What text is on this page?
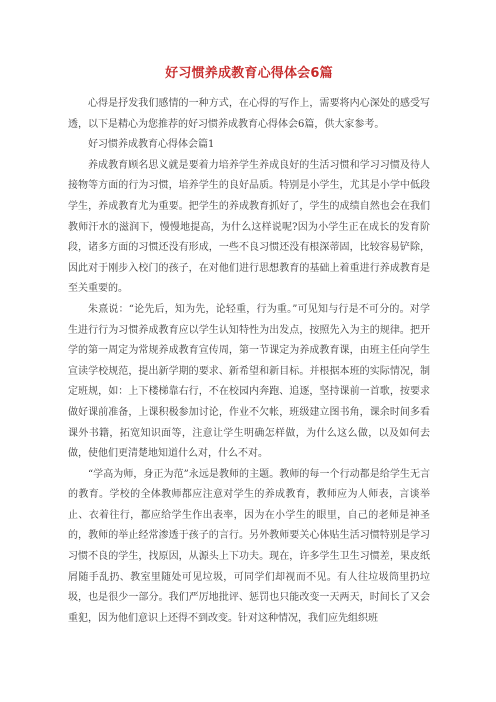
好习惯养成教育心得体会6篇

心得是抒发我们感情的一种方式，在心得的写作上，需要将内心深处的感受写透，以下是精心为您推荐的好习惯养成教育心得体会6篇，供大家参考。

好习惯养成教育心得体会篇1

养成教育顾名思义就是要着力培养学生养成良好的生活习惯和学习习惯及待人接物等方面的行为习惯，培养学生的良好品质。特别是小学生，尤其是小学中低段学生，养成教育尤为重要。把学生的养成教育抓好了，学生的成绩自然也会在我们教师汗水的滋润下，慢慢地提高，为什么这样说呢?因为小学生正在成长的发育阶段，诸多方面的习惯还没有形成，一些不良习惯还没有根深蒂固，比较容易铲除，因此对于刚步入校门的孩子，在对他们进行思想教育的基础上着重进行养成教育是至关重要的。

朱熹说：“论先后，知为先，论轻重，行为重。”可见知与行是不可分的。对学生进行行为习惯养成教育应以学生认知特性为出发点，按照先入为主的规律。把开学的第一周定为常规养成教育宣传周，第一节课定为养成教育课，由班主任向学生宣读学校规范，提出新学期的要求、新希望和新目标。并根据本班的实际情况，制定班规，如：上下楼梯靠右行，不在校园内奔跑、追逐，坚持课前一首歌，按要求做好课前准备，上课积极参加讨论，作业不欠帐，班级建立图书角，课余时间多看课外书籍，拓宽知识面等，注意让学生明确怎样做，为什么这么做，以及如何去做，使他们更清楚地知道什么对，什么不对。

“学高为师，身正为范”永远是教师的主题。教师的每一个行动都是给学生无言的教育。学校的全体教师都应注意对学生的养成教育，教师应为人师表，言谈举止、衣着往行，都应给学生作出表率，因为在小学生的眼里，自己的老师是神圣的，教师的举止经常渗透于孩子的言行。另外教师要关心体贴生活习惯特别是学习习惯不良的学生，找原因，从源头上下功夫。现在，许多学生卫生习惯差，果皮纸屑随手乱扔、教室里随处可见垃圾，可同学们却视而不见。有人往垃圾筒里扔垃圾，也是很少一部分。我们严厉地批评、惩罚也只能改变一天两天，时间长了又会重犯，因为他们意识上还得不到改变。针对这种情况，我们应先组织班
